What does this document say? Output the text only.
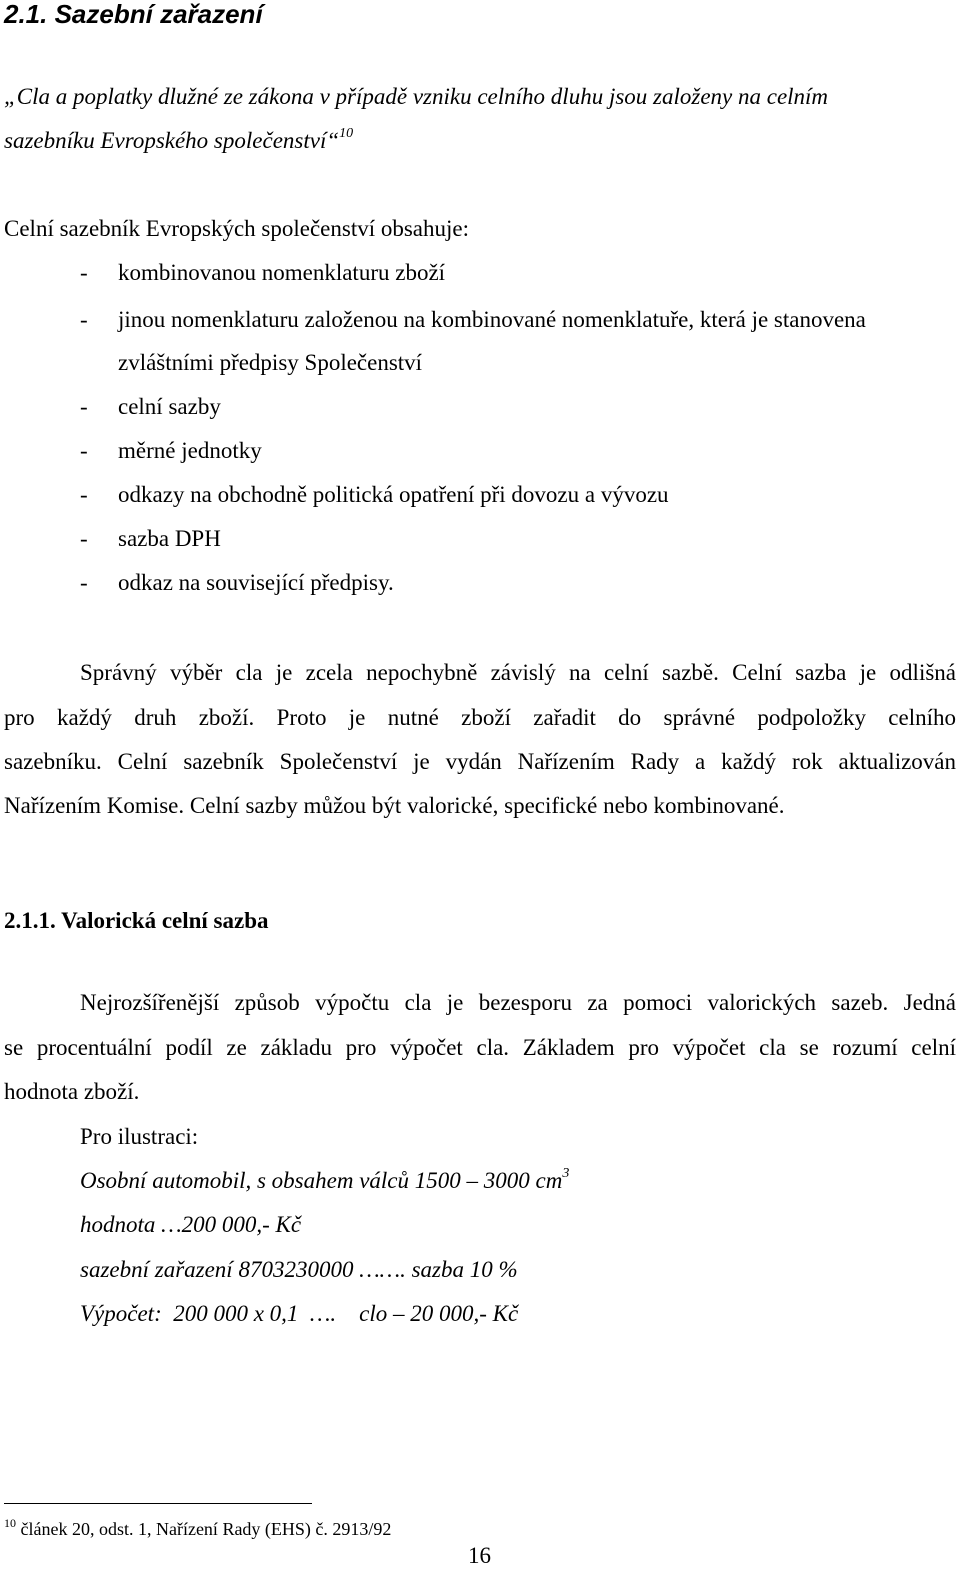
2.1. Sazební zařazení
„Cla a poplatky dlužné ze zákona v případě vzniku celního dluhu jsou založeny na celním
sazebníku Evropského společenství“$^{10}$
Celní sazebník Evropských společenství obsahuje:
- kombinovanou nomenklaturu zboží
- jinou nomenklaturu založenou na kombinované nomenklatuře, která je stanovena
zvláštními předpisy Společenství
- celní sazby
- měrné jednotky
- odkazy na obchodně politická opatření při dovozu a vývozu
- sazba DPH
- odkaz na související předpisy.
Správný výběr cla je zcela nepochybně závislý na celní sazbě. Celní sazba je odlišná
pro každý druh zboží. Proto je nutné zboží zařadit do správné podpoložky celního
sazebníku. Celní sazebník Společenství je vydán Nařízením Rady a každý rok aktualizován
Nařízením Komise. Celní sazby můžou být valorické, specifické nebo kombinované.
2.1.1. Valorická celní sazba
Nejrozšířenější způsob výpočtu cla je bezesporu za pomoci valorických sazeb. Jedná
se procentuální podíl ze základu pro výpočet cla. Základem pro výpočet cla se rozumí celní
hodnota zboží.
Pro ilustraci:
Osobní automobil, s obsahem válců 1500 – 3000 $cm^3$
hodnota …200 000,- Kč
sazební zařazení 8703230000 ……. sazba 10 %
Výpočet:  200 000 x 0,1  ….    clo – 20 000,- Kč
$^{10}$ článek 20, odst. 1, Nařízení Rady (EHS) č. 2913/92
16
